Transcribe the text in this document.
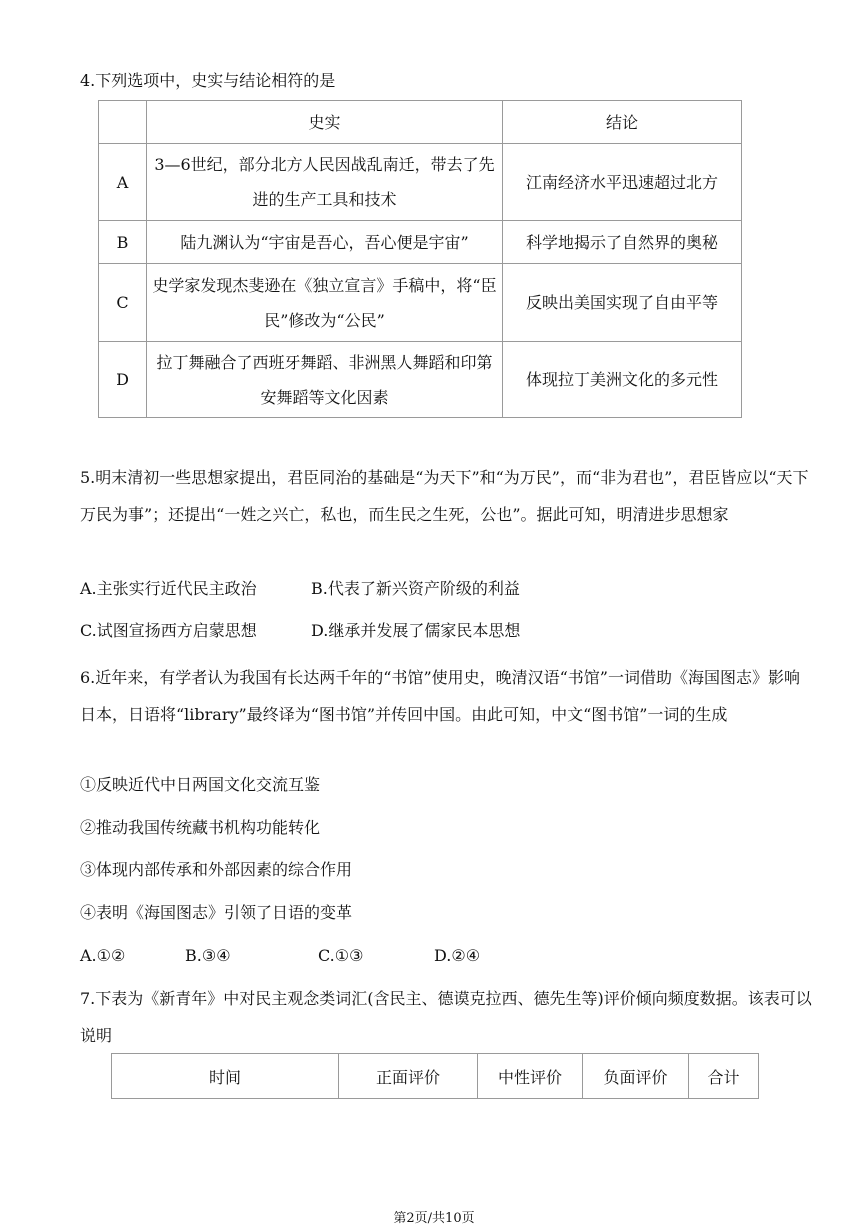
4.下列选项中，史实与结论相符的是
	史实	结论
A	3—6世纪，部分北方人民因战乱南迁，带去了先进的生产工具和技术	江南经济水平迅速超过北方
B	陆九渊认为“宇宙是吾心，吾心便是宇宙”	科学地揭示了自然界的奥秘
C	史学家发现杰斐逊在《独立宣言》手稿中，将“臣民”修改为“公民”	反映出美国实现了自由平等
D	拉丁舞融合了西班牙舞蹈、非洲黑人舞蹈和印第安舞蹈等文化因素	体现拉丁美洲文化的多元性
5.明末清初一些思想家提出，君臣同治的基础是“为天下”和“为万民”，而“非为君也”，君臣皆应以“天下万民为事”；还提出“一姓之兴亡，私也，而生民之生死，公也”。据此可知，明清进步思想家
A.主张实行近代民主政治	B.代表了新兴资产阶级的利益
C.试图宣扬西方启蒙思想	D.继承并发展了儒家民本思想
6.近年来，有学者认为我国有长达两千年的“书馆”使用史，晚清汉语“书馆”一词借助《海国图志》影响日本，日语将“library”最终译为“图书馆”并传回中国。由此可知，中文“图书馆”一词的生成
①反映近代中日两国文化交流互鉴
②推动我国传统藏书机构功能转化
③体现内部传承和外部因素的综合作用
④表明《海国图志》引领了日语的变革
A.①②	B.③④	C.①③	D.②④
7.下表为《新青年》中对民主观念类词汇(含民主、德谟克拉西、德先生等)评价倾向频度数据。该表可以说明
时间	正面评价	中性评价	负面评价	合计
第2页/共10页
